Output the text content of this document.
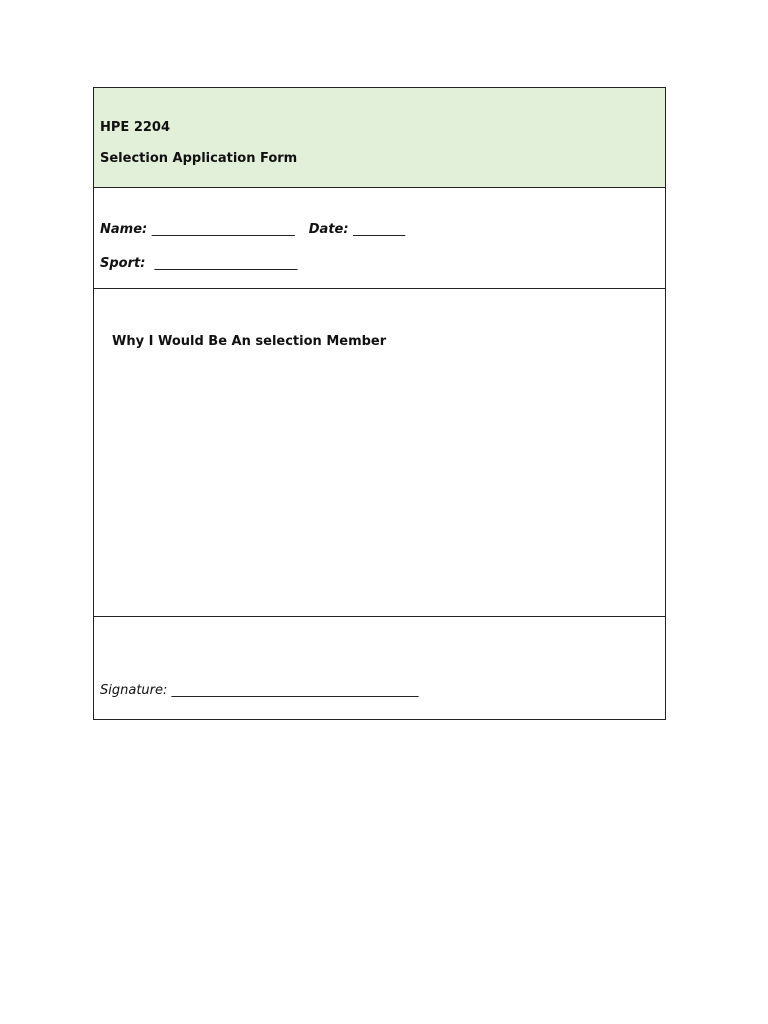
HPE 2204
Selection Application Form
Name: ______________________ Date: ________
Sport: ______________________
Why I Would Be An selection Member
Signature: ______________________________________
